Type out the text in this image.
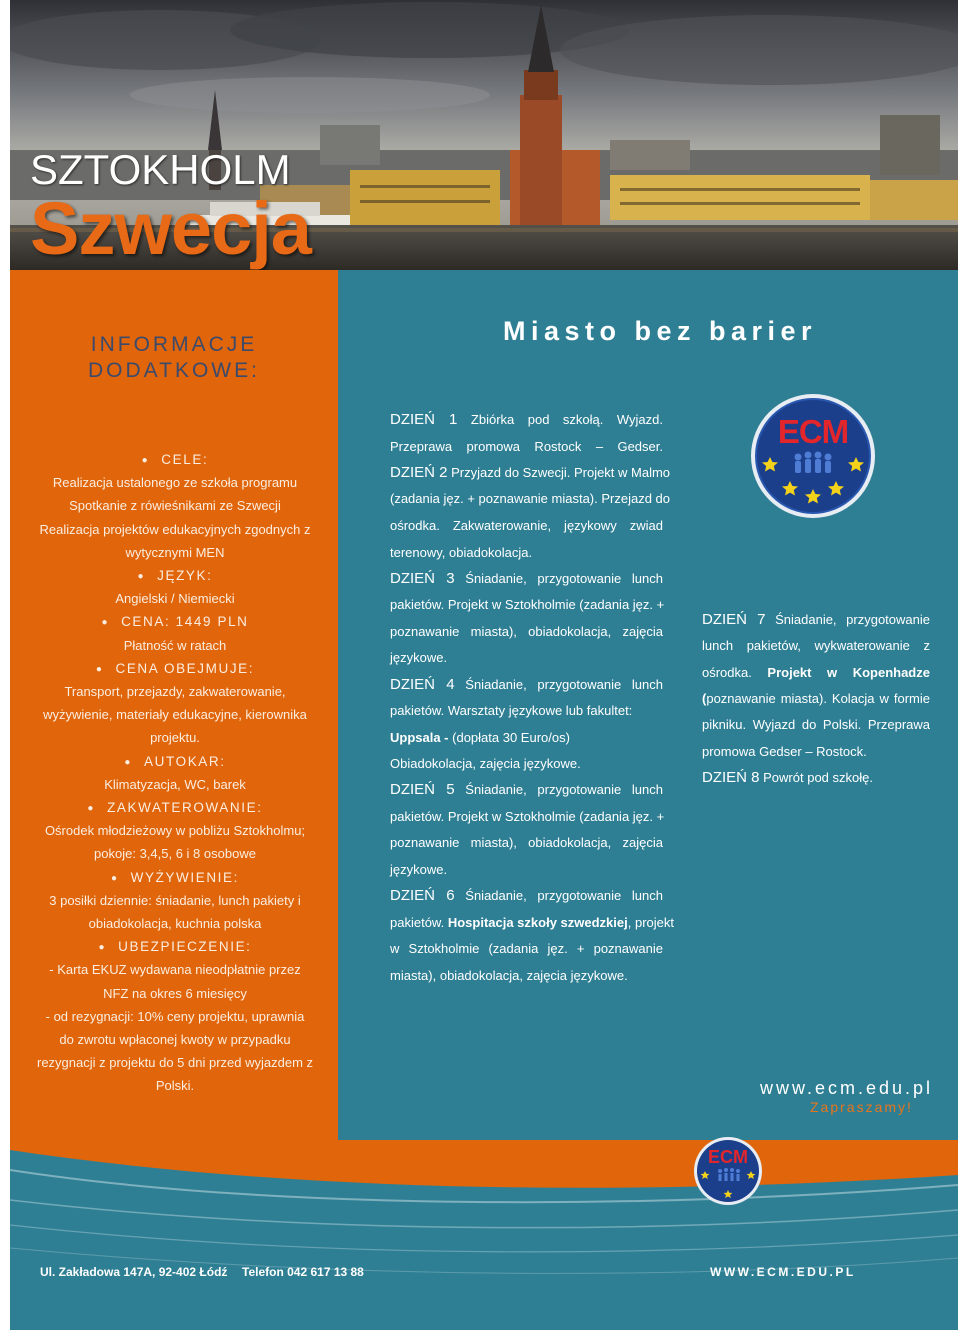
SZTOKHOLM
Szwecja
INFORMACJE
DODATKOWE:
● CELE:
Realizacja ustalonego ze szkoła programu
Spotkanie z rówieśnikami ze Szwecji
Realizacja projektów edukacyjnych zgodnych z
wytycznymi MEN
● JĘZYK:
Angielski / Niemiecki
● CENA: 1449 PLN
Płatność w ratach
● CENA OBEJMUJE:
Transport, przejazdy, zakwaterowanie,
wyżywienie, materiały edukacyjne, kierownika
projektu.
● AUTOKAR:
Klimatyzacja, WC, barek
● ZAKWATEROWANIE:
Ośrodek młodzieżowy w pobliżu Sztokholmu;
pokoje: 3,4,5, 6 i 8 osobowe
● WYŻYWIENIE:
3 posiłki dziennie: śniadanie, lunch pakiety i
obiadokolacja, kuchnia polska
● UBEZPIECZENIE:
- Karta EKUZ wydawana nieodpłatnie przez
NFZ na okres 6 miesięcy
- od rezygnacji: 10% ceny projektu, uprawnia
do zwrotu wpłaconej kwoty w przypadku
rezygnacji z projektu do 5 dni przed wyjazdem z
Polski.
Miasto bez barier
DZIEŃ 1 Zbiórka pod szkołą. Wyjazd.
Przeprawa promowa Rostock – Gedser.
DZIEŃ 2 Przyjazd do Szwecji. Projekt w Malmo
(zadania jęz. + poznawanie miasta). Przejazd do
ośrodka. Zakwaterowanie, językowy zwiad
terenowy, obiadokolacja.
DZIEŃ 3 Śniadanie, przygotowanie lunch
pakietów. Projekt w Sztokholmie (zadania jęz. +
poznawanie miasta), obiadokolacja, zajęcia
językowe.
DZIEŃ 4 Śniadanie, przygotowanie lunch
pakietów. Warsztaty językowe lub fakultet:
Uppsala - (dopłata 30 Euro/os)
Obiadokolacja, zajęcia językowe.
DZIEŃ 5 Śniadanie, przygotowanie lunch
pakietów. Projekt w Sztokholmie (zadania jęz. +
poznawanie miasta), obiadokolacja, zajęcia
językowe.
DZIEŃ 6 Śniadanie, przygotowanie lunch
pakietów. Hospitacja szkoły szwedzkiej, projekt
w Sztokholmie (zadania jęz. + poznawanie
miasta), obiadokolacja, zajęcia językowe.
DZIEŃ 7 Śniadanie, przygotowanie
lunch pakietów, wykwaterowanie z
ośrodka. Projekt w Kopenhadze
(poznawanie miasta). Kolacja w formie
pikniku. Wyjazd do Polski. Przeprawa
promowa Gedser – Rostock.
DZIEŃ 8 Powrót pod szkołę.
ECM
www.ecm.edu.pl
Zapraszamy!
ECM
Ul. Zakładowa 147A, 92-402 Łódź Telefon 042 617 13 88	WWW.ECM.EDU.PL
